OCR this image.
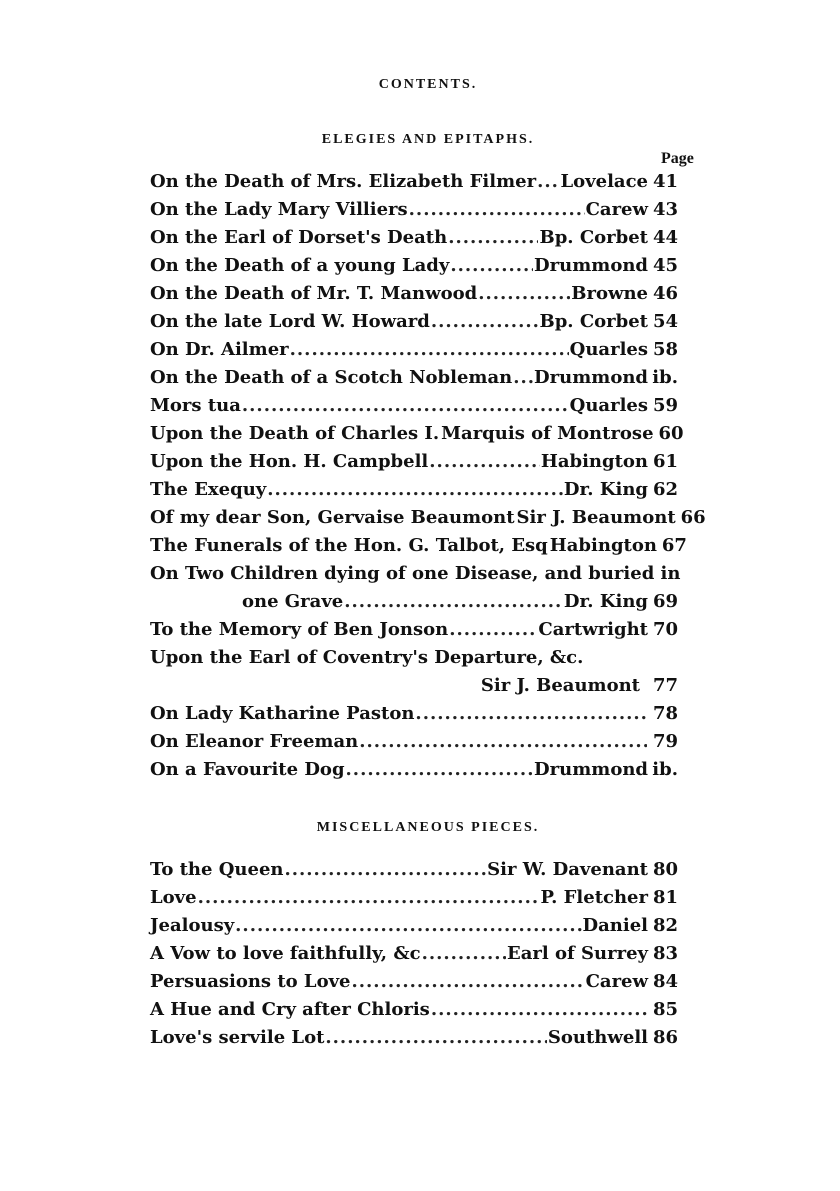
CONTENTS.
ELEGIES AND EPITAPHS.
Page
On the Death of Mrs. Elizabeth Filmer ..... Lovelace 41
On the Lady Mary Villiers .....	Carew 43
On the Earl of Dorset's Death .....	Bp. Corbet 44
On the Death of a young Lady .....	Drummond 45
On the Death of Mr. T. Manwood .....	Browne 46
On the late Lord W. Howard .....	Bp. Corbet 54
On Dr. Ailmer .....	Quarles 58
On the Death of a Scotch Nobleman ..... Drummond ib.
Mors tua .....	Quarles 59
Upon the Death of Charles I. Marquis of Montrose 60
Upon the Hon. H. Campbell .....	Habington 61
The Exequy .....	Dr. King 62
Of my dear Son, Gervaise Beaumont Sir J. Beaumont 66
The Funerals of the Hon. G. Talbot, Esq Habington 67
On Two Children dying of one Disease, and buried in
one Grave .....	Dr. King 69
To the Memory of Ben Jonson .....	Cartwright 70
Upon the Earl of Coventry's Departure, &c.
Sir J. Beaumont 77
On Lady Katharine Paston .....	78
On Eleanor Freeman .....	79
On a Favourite Dog .....	Drummond ib.
MISCELLANEOUS PIECES.
To the Queen .....	Sir W. Davenant 80
Love .....	P. Fletcher 81
Jealousy .....	Daniel 82
A Vow to love faithfully, &c .....	Earl of Surrey 83
Persuasions to Love .....	Carew 84
A Hue and Cry after Chloris .....	85
Love's servile Lot .....	Southwell 86
